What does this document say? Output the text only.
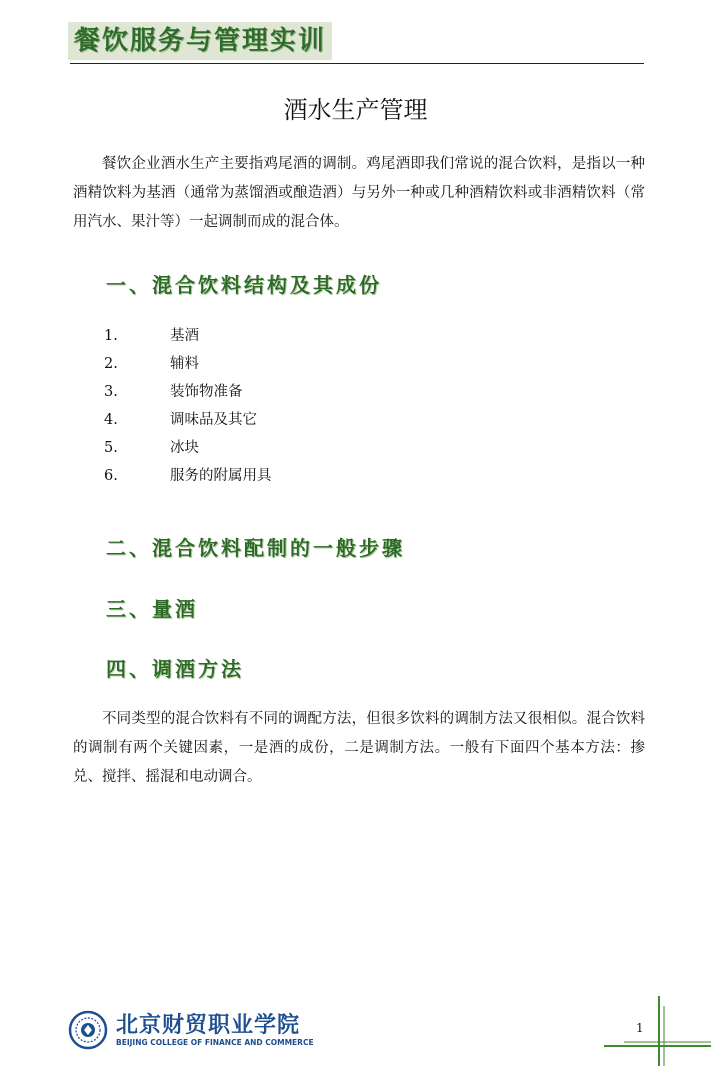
餐饮服务与管理实训
酒水生产管理

餐饮企业酒水生产主要指鸡尾酒的调制。鸡尾酒即我们常说的混合饮料，是指以一种酒精饮料为基酒（通常为蒸馏酒或酿造酒）与另外一种或几种酒精饮料或非酒精饮料（常用汽水、果汁等）一起调制而成的混合体。

一、混合饮料结构及其成份
1.	基酒
2.	辅料
3.	装饰物准备
4.	调味品及其它
5.	冰块
6.	服务的附属用具
二、混合饮料配制的一般步骤
三、量酒
四、调酒方法

不同类型的混合饮料有不同的调配方法，但很多饮料的调制方法又很相似。混合饮料的调制有两个关键因素，一是酒的成份，二是调制方法。一般有下面四个基本方法：掺兑、搅拌、摇混和电动调合。

北京财贸职业学院
BEIJING COLLEGE OF FINANCE AND COMMERCE
1
